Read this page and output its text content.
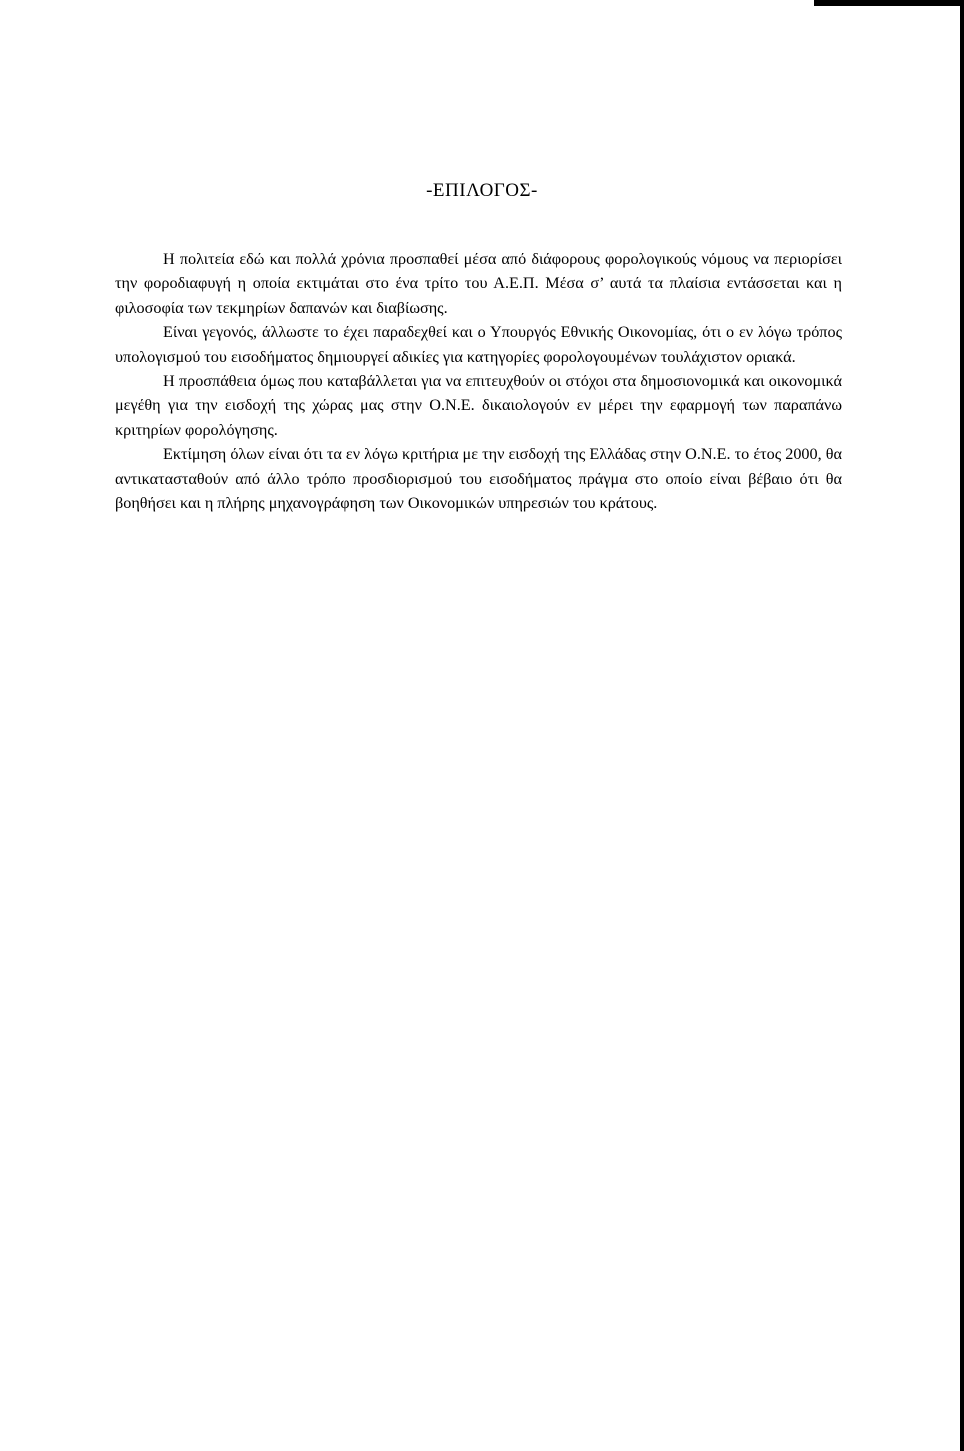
-ΕΠΙΛΟΓΟΣ-

Η πολιτεία εδώ και πολλά χρόνια προσπαθεί μέσα από διάφορους φορολογικούς νόμους να περιορίσει την φοροδιαφυγή η οποία εκτιμάται στο ένα τρίτο του Α.Ε.Π. Μέσα σ’ αυτά τα πλαίσια εντάσσεται και η φιλοσοφία των τεκμηρίων δαπανών και διαβίωσης.

Είναι γεγονός, άλλωστε το έχει παραδεχθεί και ο Υπουργός Εθνικής Οικονομίας, ότι ο εν λόγω τρόπος υπολογισμού του εισοδήματος δημιουργεί αδικίες για κατηγορίες φορολογουμένων τουλάχιστον οριακά.

Η προσπάθεια όμως που καταβάλλεται για να επιτευχθούν οι στόχοι στα δημοσιονομικά και οικονομικά μεγέθη για την εισδοχή της χώρας μας στην Ο.Ν.Ε. δικαιολογούν εν μέρει την εφαρμογή των παραπάνω κριτηρίων φορολόγησης.

Εκτίμηση όλων είναι ότι τα εν λόγω κριτήρια με την εισδοχή της Ελλάδας στην Ο.Ν.Ε. το έτος 2000, θα αντικατασταθούν από άλλο τρόπο προσδιορισμού του εισοδήματος πράγμα στο οποίο είναι βέβαιο ότι θα βοηθήσει και η πλήρης μηχανογράφηση των Οικονομικών υπηρεσιών του κράτους.
